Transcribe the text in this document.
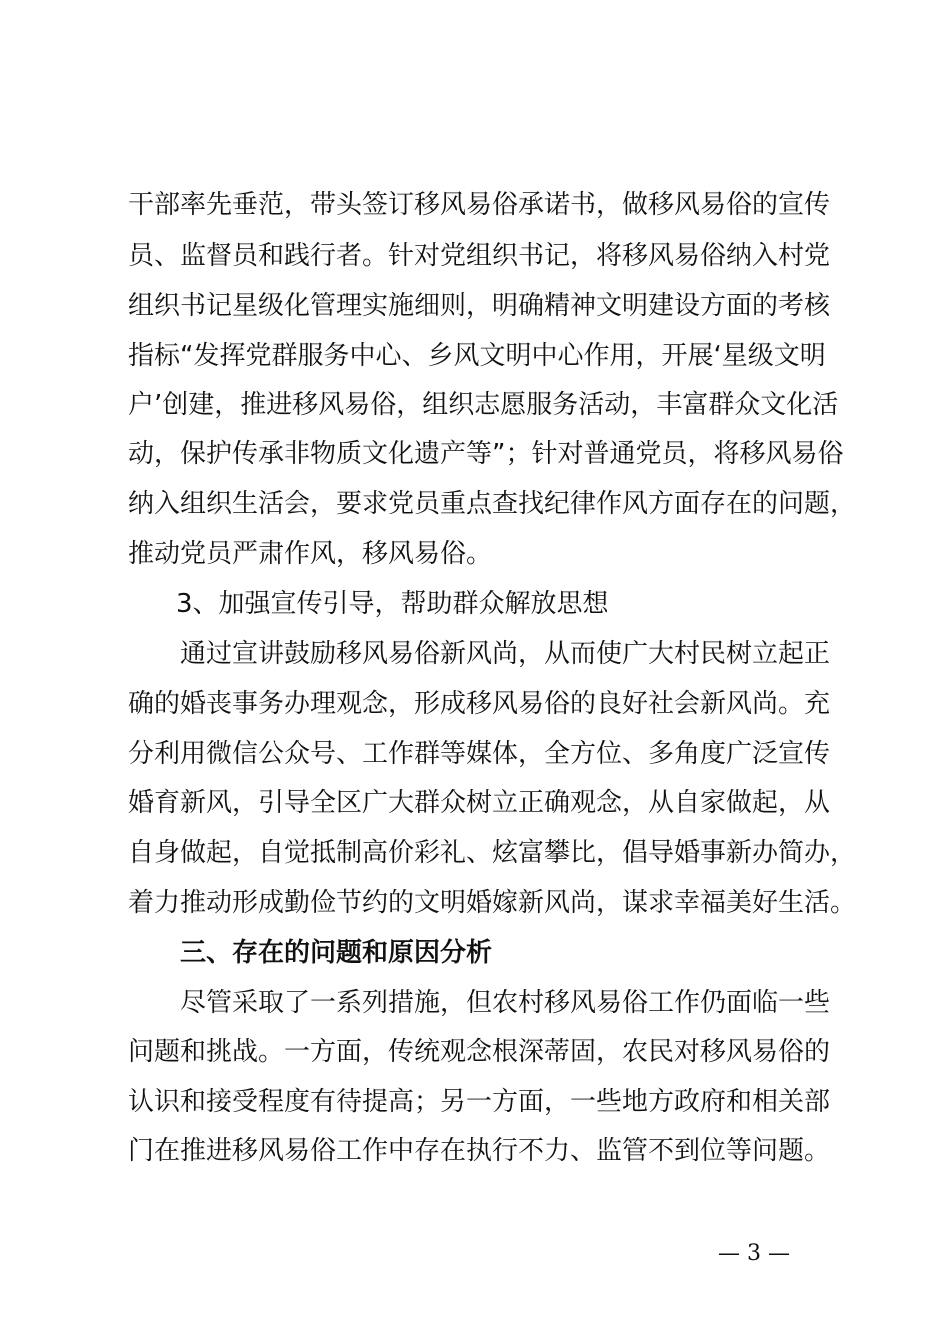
干部率先垂范，带头签订移风易俗承诺书，做移风易俗的宣传
员、监督员和践行者。针对党组织书记，将移风易俗纳入村党
组织书记星级化管理实施细则，明确精神文明建设方面的考核
指标“发挥党群服务中心、乡风文明中心作用，开展‘星级文明
户’创建，推进移风易俗，组织志愿服务活动，丰富群众文化活
动，保护传承非物质文化遗产等”；针对普通党员，将移风易俗
纳入组织生活会，要求党员重点查找纪律作风方面存在的问题，
推动党员严肃作风，移风易俗。
3、加强宣传引导，帮助群众解放思想
通过宣讲鼓励移风易俗新风尚，从而使广大村民树立起正
确的婚丧事务办理观念，形成移风易俗的良好社会新风尚。充
分利用微信公众号、工作群等媒体，全方位、多角度广泛宣传
婚育新风，引导全区广大群众树立正确观念，从自家做起，从
自身做起，自觉抵制高价彩礼、炫富攀比，倡导婚事新办简办，
着力推动形成勤俭节约的文明婚嫁新风尚，谋求幸福美好生活。
三、存在的问题和原因分析
尽管采取了一系列措施，但农村移风易俗工作仍面临一些
问题和挑战。一方面，传统观念根深蒂固，农民对移风易俗的
认识和接受程度有待提高；另一方面，一些地方政府和相关部
门在推进移风易俗工作中存在执行不力、监管不到位等问题。
— 3 —
